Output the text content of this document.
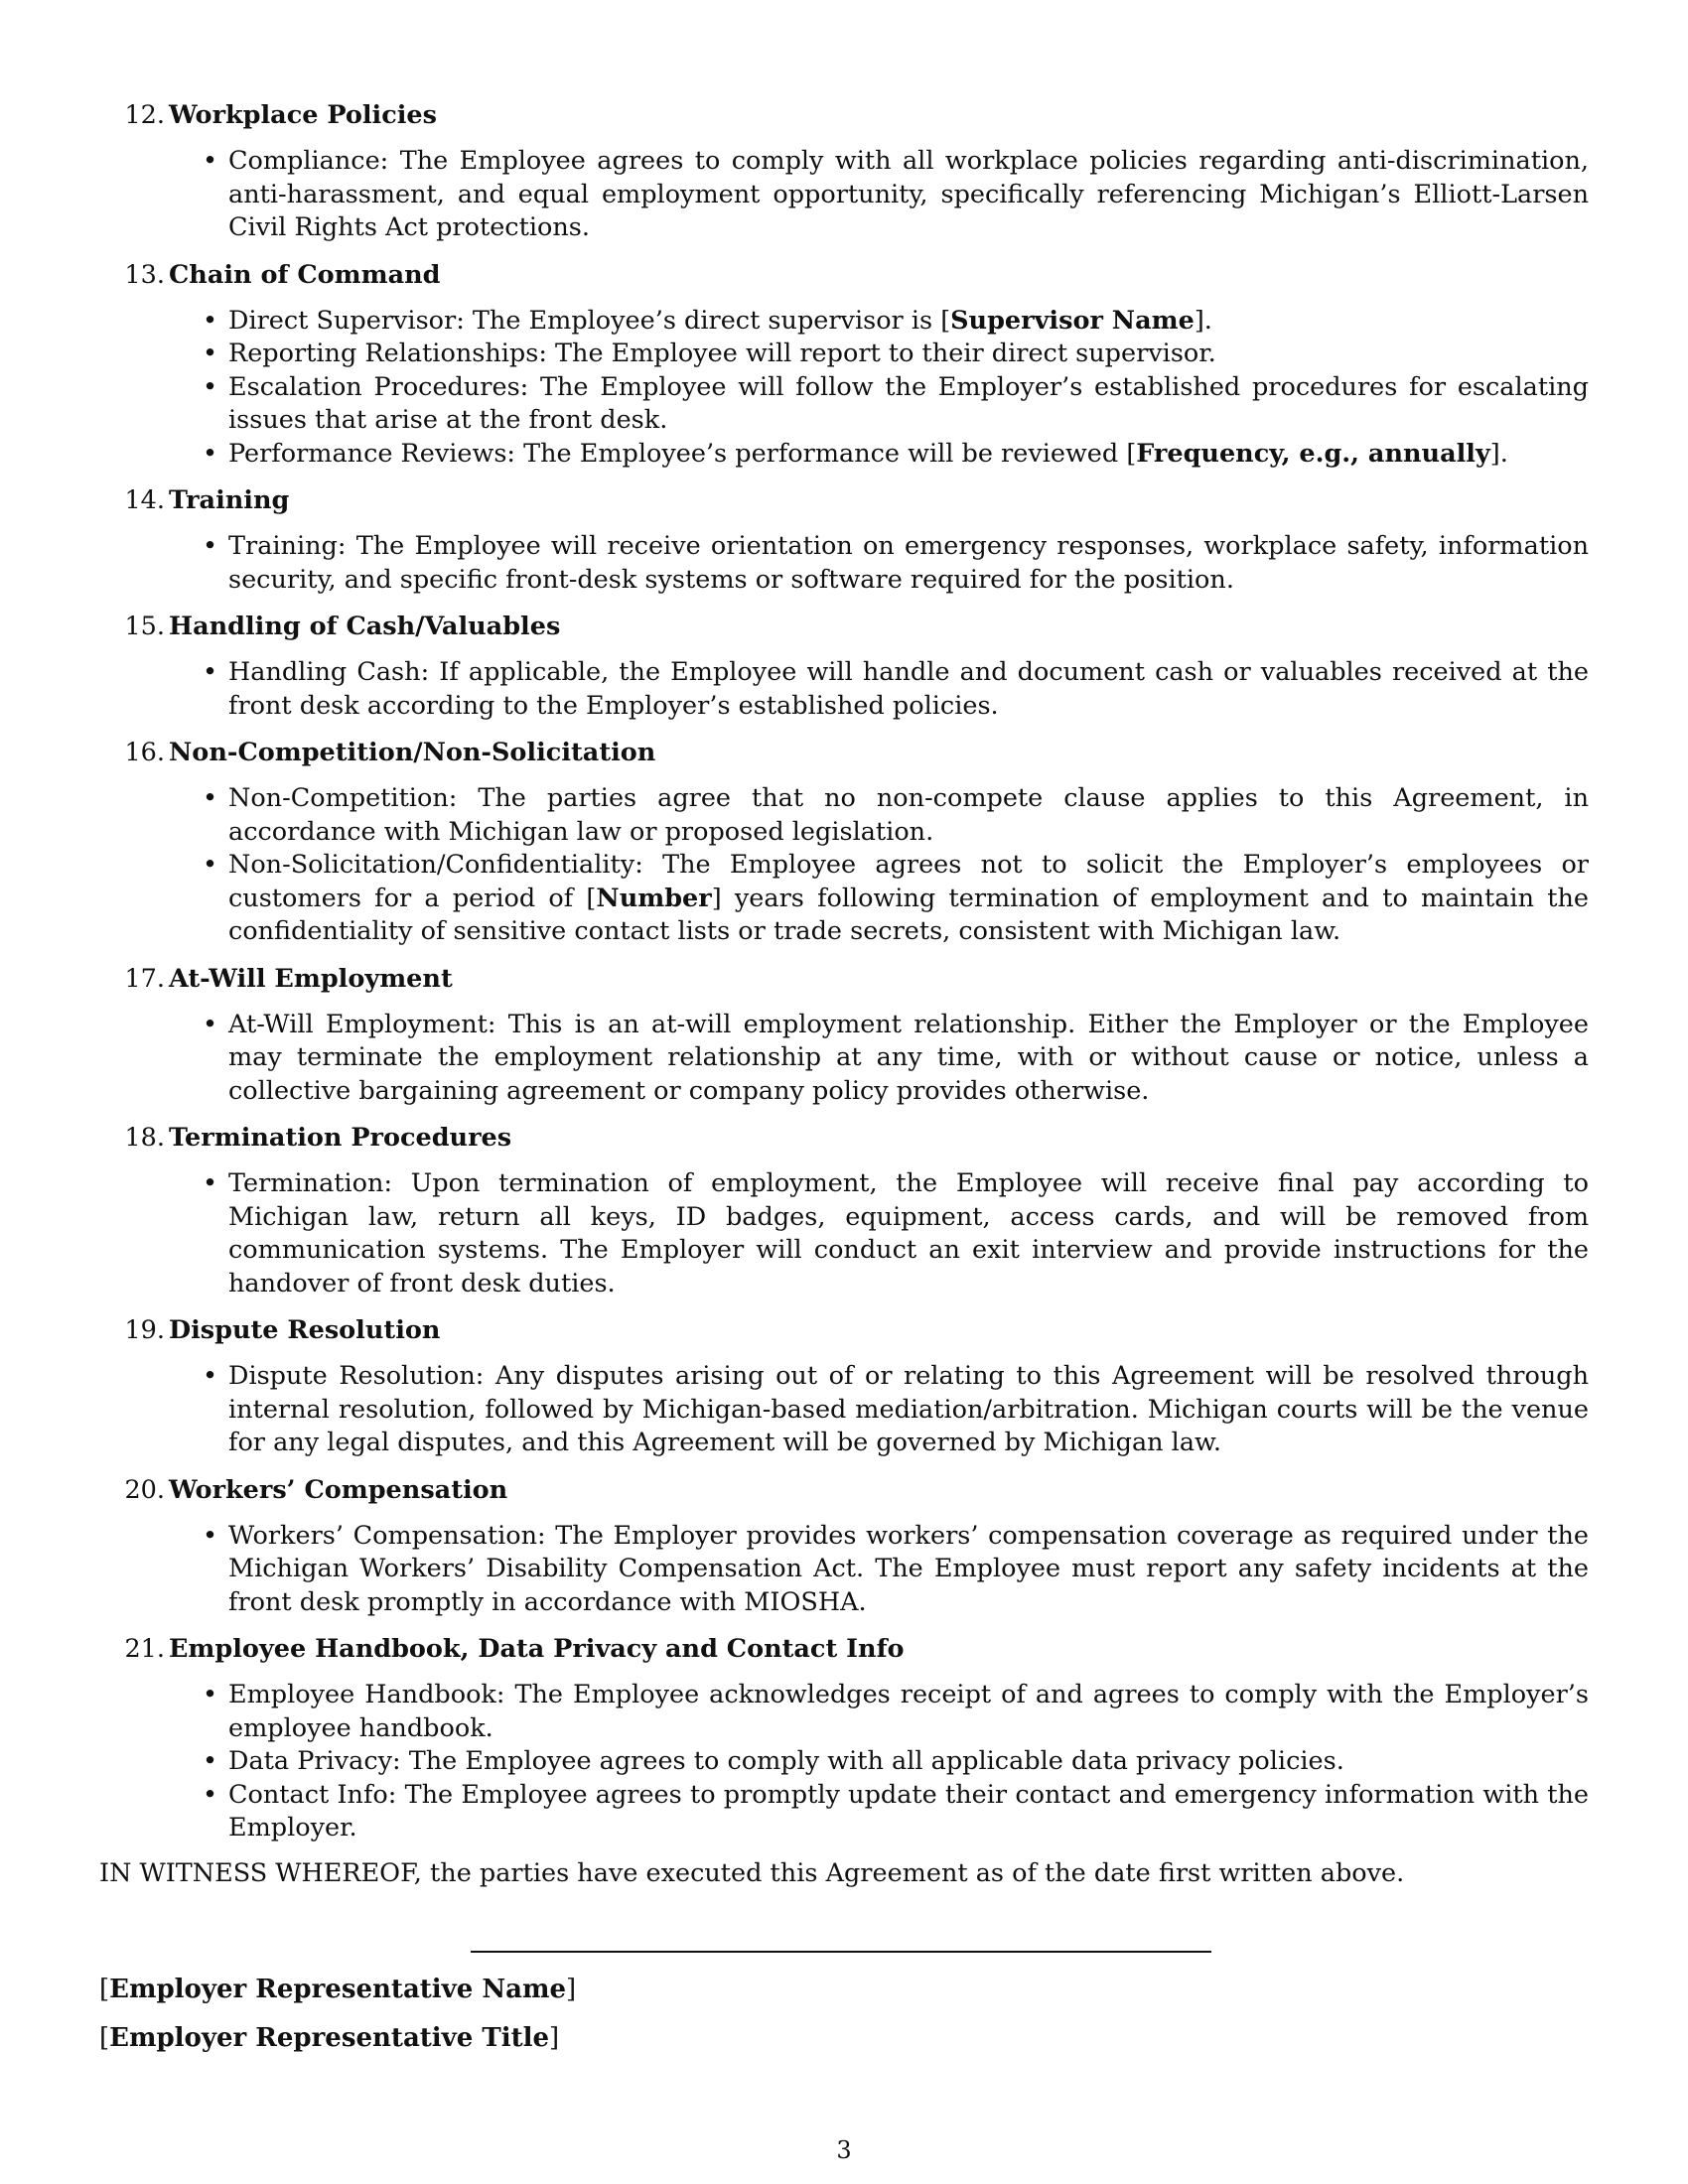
12. Workplace Policies
• Compliance: The Employee agrees to comply with all workplace policies regarding anti-discrimination, anti-harassment, and equal employment opportunity, specifically referencing Michigan’s Elliott-Larsen Civil Rights Act protections.
13. Chain of Command
• Direct Supervisor: The Employee’s direct supervisor is [Supervisor Name].
• Reporting Relationships: The Employee will report to their direct supervisor.
• Escalation Procedures: The Employee will follow the Employer’s established procedures for escalating issues that arise at the front desk.
• Performance Reviews: The Employee’s performance will be reviewed [Frequency, e.g., annually].
14. Training
• Training: The Employee will receive orientation on emergency responses, workplace safety, information security, and specific front-desk systems or software required for the position.
15. Handling of Cash/Valuables
• Handling Cash: If applicable, the Employee will handle and document cash or valuables received at the front desk according to the Employer’s established policies.
16. Non-Competition/Non-Solicitation
• Non-Competition: The parties agree that no non-compete clause applies to this Agreement, in accordance with Michigan law or proposed legislation.
• Non-Solicitation/Confidentiality: The Employee agrees not to solicit the Employer’s employees or customers for a period of [Number] years following termination of employment and to maintain the confidentiality of sensitive contact lists or trade secrets, consistent with Michigan law.
17. At-Will Employment
• At-Will Employment: This is an at-will employment relationship. Either the Employer or the Employee may terminate the employment relationship at any time, with or without cause or notice, unless a collective bargaining agreement or company policy provides otherwise.
18. Termination Procedures
• Termination: Upon termination of employment, the Employee will receive final pay according to Michigan law, return all keys, ID badges, equipment, access cards, and will be removed from communication systems. The Employer will conduct an exit interview and provide instructions for the handover of front desk duties.
19. Dispute Resolution
• Dispute Resolution: Any disputes arising out of or relating to this Agreement will be resolved through internal resolution, followed by Michigan-based mediation/arbitration. Michigan courts will be the venue for any legal disputes, and this Agreement will be governed by Michigan law.
20. Workers’ Compensation
• Workers’ Compensation: The Employer provides workers’ compensation coverage as required under the Michigan Workers’ Disability Compensation Act. The Employee must report any safety incidents at the front desk promptly in accordance with MIOSHA.
21. Employee Handbook, Data Privacy and Contact Info
• Employee Handbook: The Employee acknowledges receipt of and agrees to comply with the Employer’s employee handbook.
• Data Privacy: The Employee agrees to comply with all applicable data privacy policies.
• Contact Info: The Employee agrees to promptly update their contact and emergency information with the Employer.
IN WITNESS WHEREOF, the parties have executed this Agreement as of the date first written above.
[Employer Representative Name]
[Employer Representative Title]
3
